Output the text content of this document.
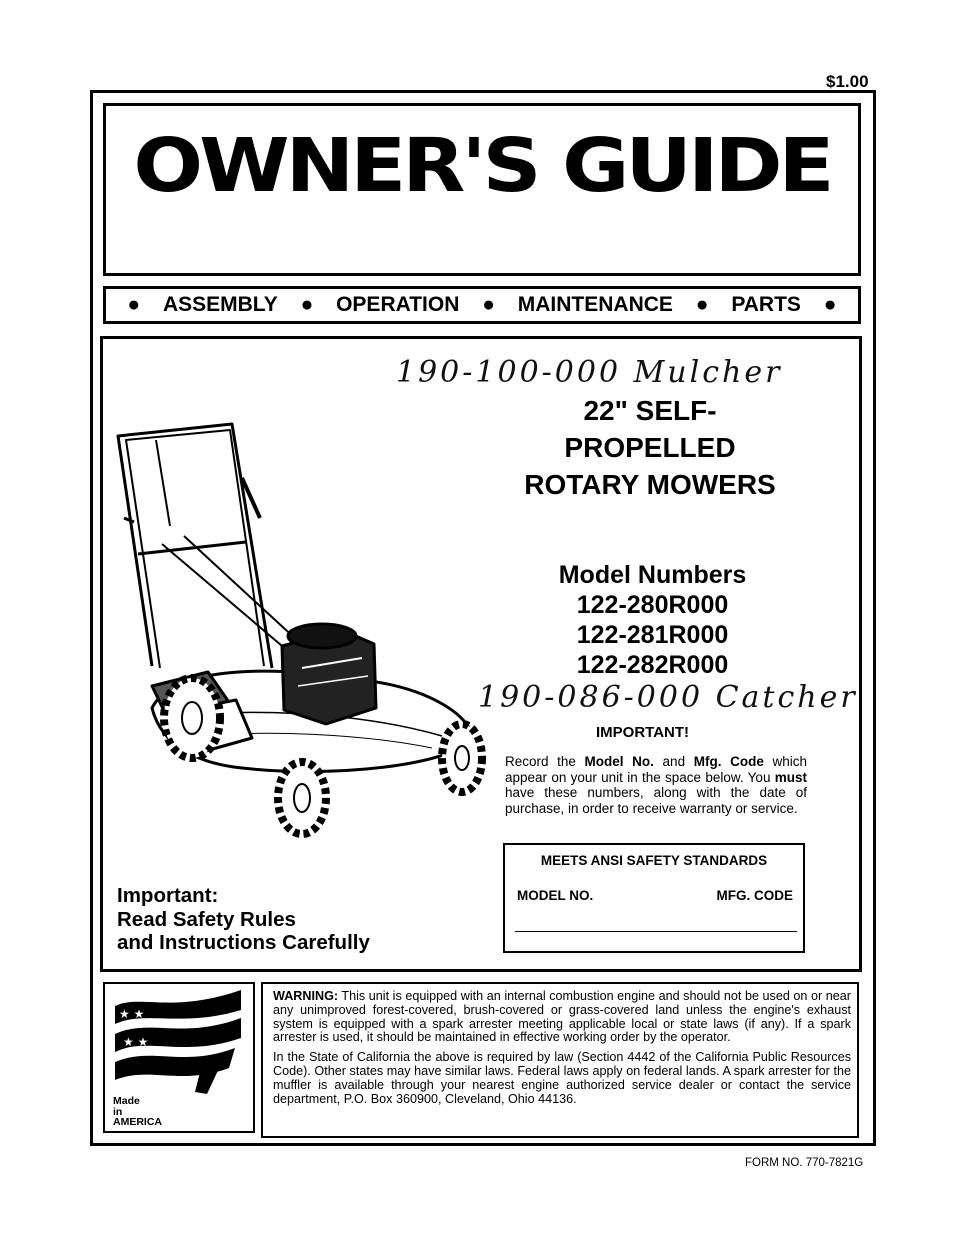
$1.00
OWNER'S GUIDE
● ASSEMBLY ● OPERATION ● MAINTENANCE ● PARTS ●
190-100-000 Mulcher
22" SELF-
PROPELLED
ROTARY MOWERS
Model Numbers
122-280R000
122-281R000
122-282R000
190-086-000 Catcher
IMPORTANT!
Record the Model No. and Mfg. Code which appear on your unit in the space below. You must have these numbers, along with the date of purchase, in order to receive warranty or service.
MEETS ANSI SAFETY STANDARDS
MODEL NO.	MFG. CODE
Important:
Read Safety Rules
and Instructions Carefully
★ ★
★ ★
Made
in
AMERICA

WARNING: This unit is equipped with an internal combustion engine and should not be used on or near any unimproved forest-covered, brush-covered or grass-covered land unless the engine's exhaust system is equipped with a spark arrester meeting applicable local or state laws (if any). If a spark arrester is used, it should be maintained in effective working order by the operator.

In the State of California the above is required by law (Section 4442 of the California Public Resources Code). Other states may have similar laws. Federal laws apply on federal lands. A spark arrester for the muffler is available through your nearest engine authorized service dealer or contact the service department, P.O. Box 360900, Cleveland, Ohio 44136.

FORM NO. 770-7821G
